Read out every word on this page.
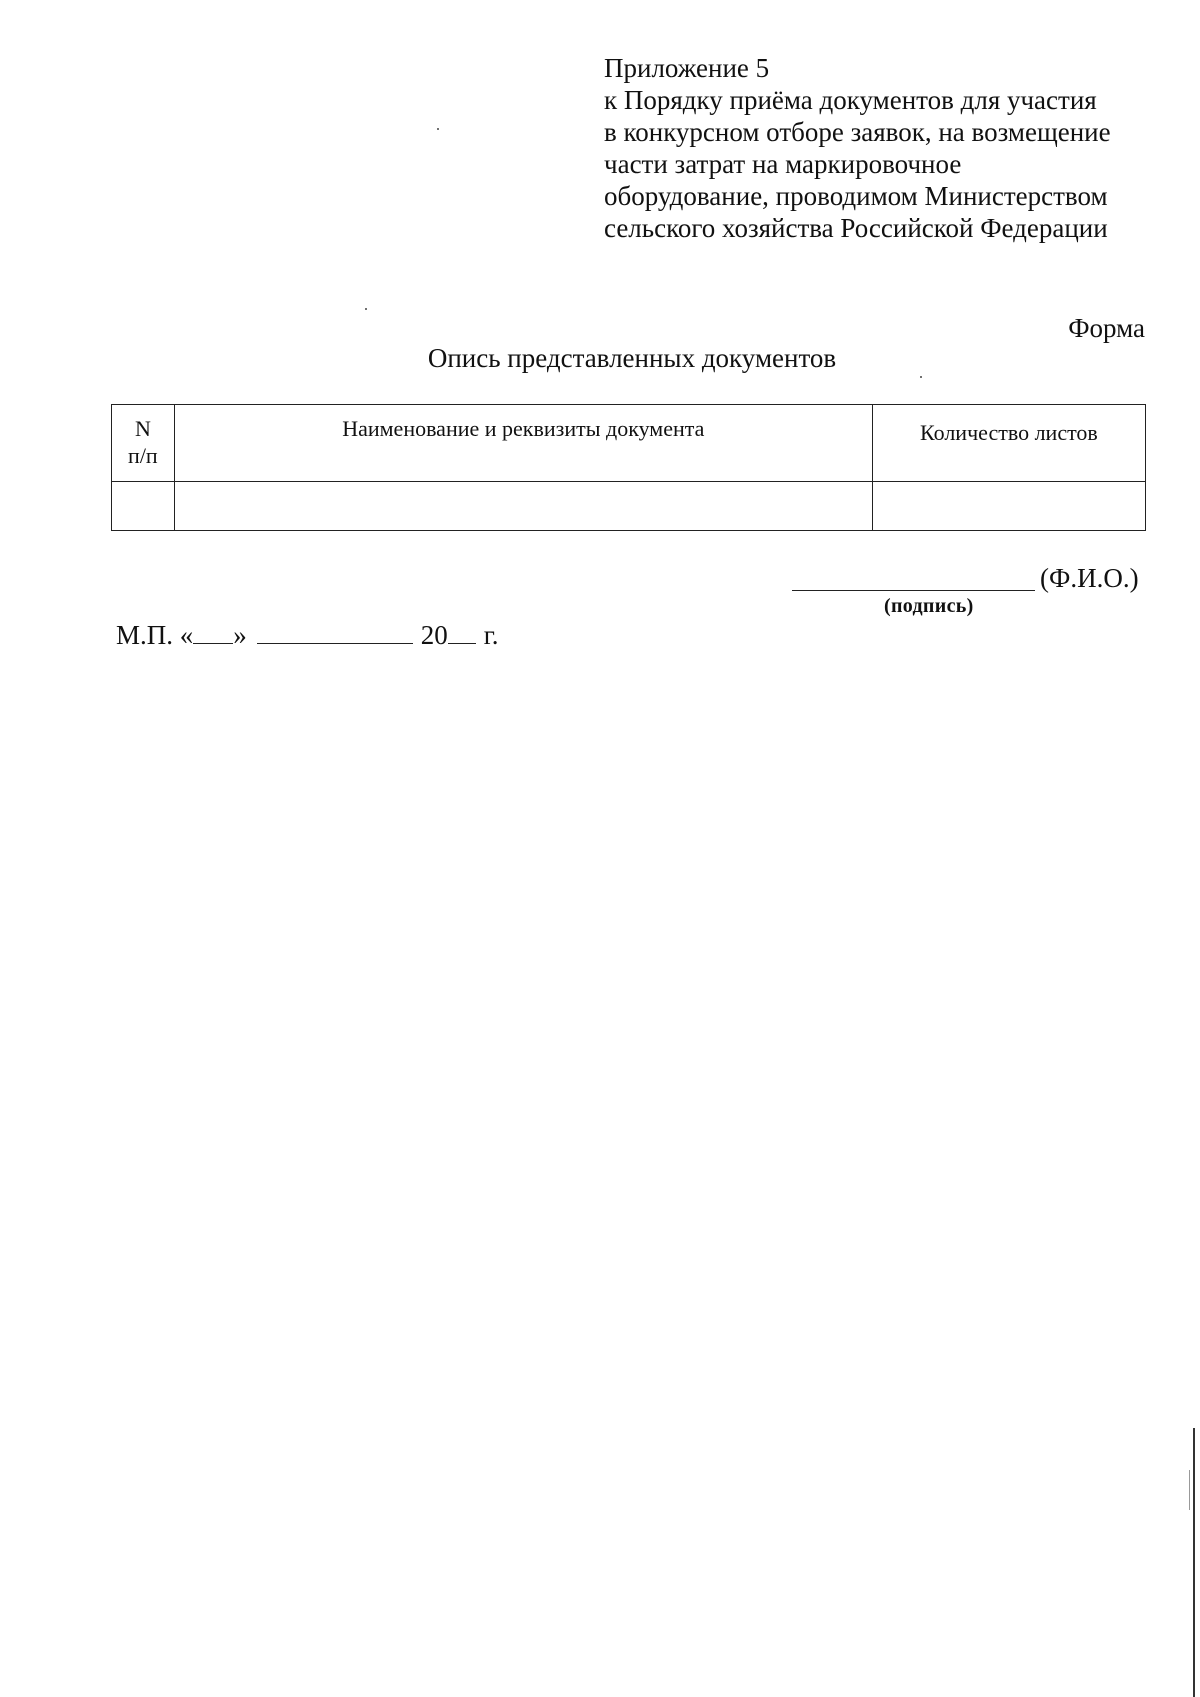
Приложение 5
к Порядку приёма документов для участия
в конкурсном отборе заявок, на возмещение
части затрат на маркировочное
оборудование, проводимом Министерством
сельского хозяйства Российской Федерации
Форма
Опись представленных документов
N
п/п	Наименование и реквизиты документа	Количество листов

(Ф.И.О.)
(подпись)
М.П. « »	20 г.
